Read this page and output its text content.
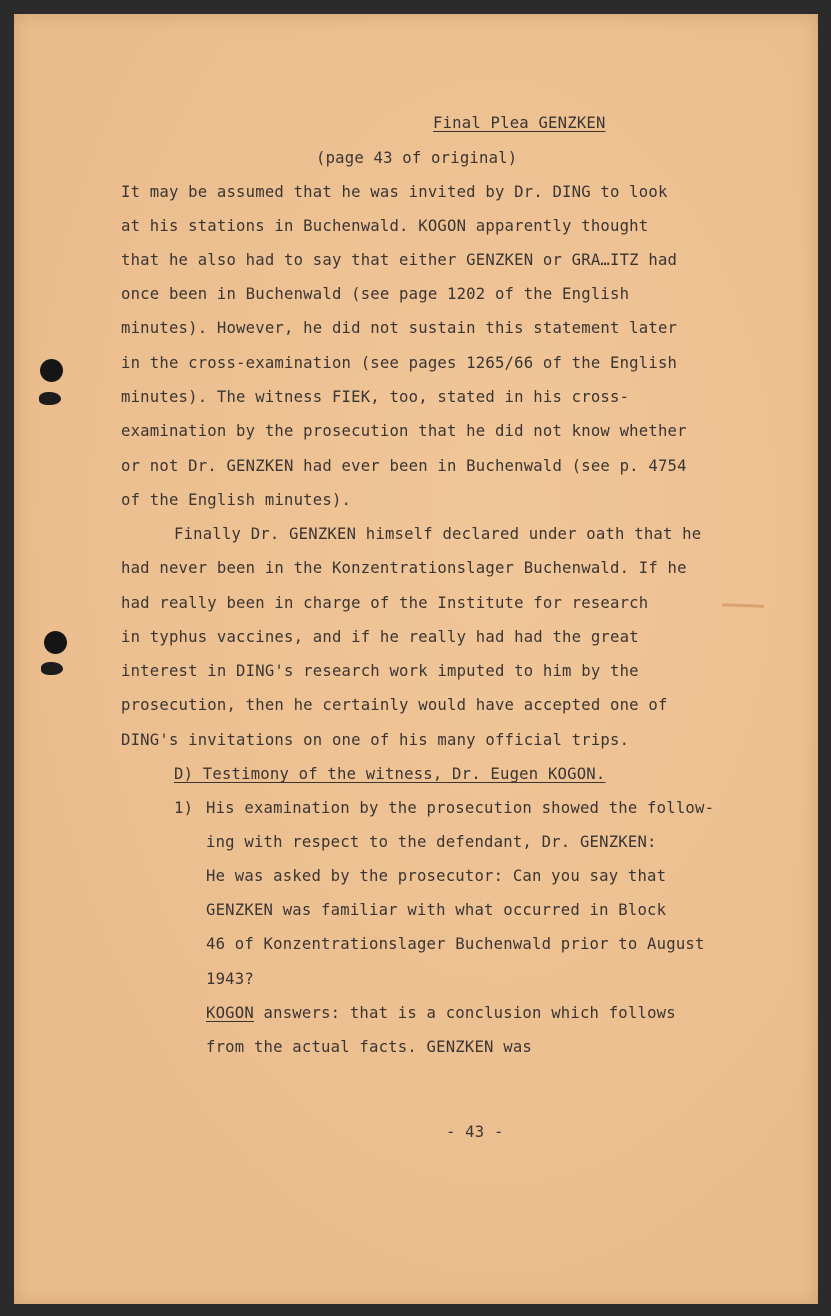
Final Plea GENZKEN
(page 43 of original)
It may be assumed that he was invited by Dr. DING to look
at his stations in Buchenwald. KOGON apparently thought
that he also had to say that either GENZKEN or GRA…ITZ had
once been in Buchenwald (see page 1202 of the English
minutes). However, he did not sustain this statement later
in the cross-examination (see pages 1265/66 of the English
minutes). The witness FIEK, too, stated in his cross-
examination by the prosecution that he did not know whether
or not Dr. GENZKEN had ever been in Buchenwald (see p. 4754
of the English minutes).
Finally Dr. GENZKEN himself declared under oath that he
had never been in the Konzentrationslager Buchenwald. If he
had really been in charge of the Institute for research
in typhus vaccines, and if he really had had the great
interest in DING's research work imputed to him by the
prosecution, then he certainly would have accepted one of
DING's invitations on one of his many official trips.
D) Testimony of the witness, Dr. Eugen KOGON.
1) His examination by the prosecution showed the follow-
ing with respect to the defendant, Dr. GENZKEN:
He was asked by the prosecutor: Can you say that
GENZKEN was familiar with what occurred in Block
46 of Konzentrationslager Buchenwald prior to August
1943?
KOGON answers: that is a conclusion which follows
from the actual facts. GENZKEN was
- 43 -
